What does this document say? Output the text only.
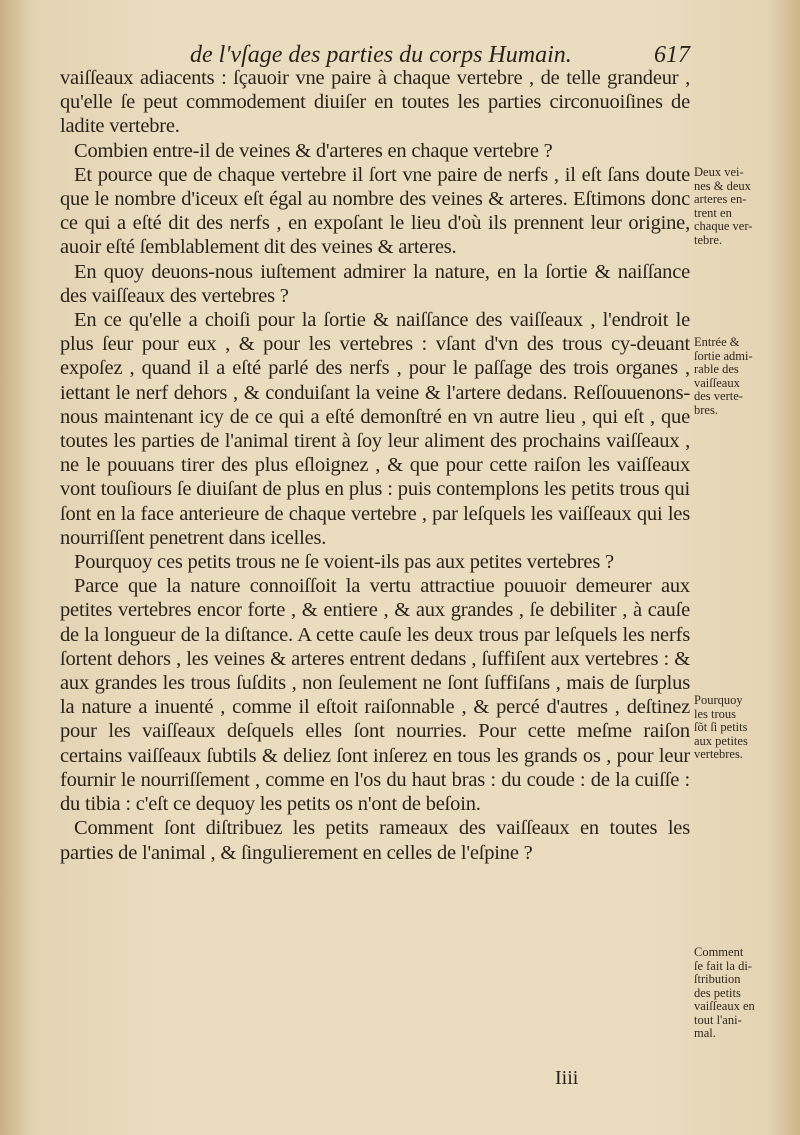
de l'vſage des parties du corps Humain.	617

vaiſſeaux adiacents : ſçauoir vne paire à chaque vertebre , de telle grandeur , qu'elle ſe peut commodement diuiſer en toutes les parties circonuoiſines de ladite vertebre.

Combien entre-il de veines & d'arteres en chaque vertebre ?

Et pource que de chaque vertebre il ſort vne paire de nerfs , il eſt ſans doute que le nombre d'iceux eſt égal au nombre des veines & arteres. Eſtimons donc ce qui a eſté dit des nerfs , en expoſant le lieu d'où ils prennent leur origine, auoir eſté ſemblablement dit des veines & arteres.

En quoy deuons-nous iuſtement admirer la nature, en la ſortie & naiſſance des vaiſſeaux des vertebres ?

En ce qu'elle a choiſi pour la ſortie & naiſſance des vaiſſeaux , l'endroit le plus ſeur pour eux , & pour les vertebres : vſant d'vn des trous cy-deuant expoſez , quand il a eſté parlé des nerfs , pour le paſſage des trois organes , iettant le nerf dehors , & conduiſant la veine & l'artere dedans. Reſſouuenons-nous maintenant icy de ce qui a eſté demonſtré en vn autre lieu , qui eſt , que toutes les parties de l'animal tirent à ſoy leur aliment des prochains vaiſſeaux , ne le pouuans tirer des plus eſloignez , & que pour cette raiſon les vaiſſeaux vont touſiours ſe diuiſant de plus en plus : puis contemplons les petits trous qui ſont en la face anterieure de chaque vertebre , par leſquels les vaiſſeaux qui les nourriſſent penetrent dans icelles.

Pourquoy ces petits trous ne ſe voient-ils pas aux petites vertebres ?

Parce que la nature connoiſſoit la vertu attractiue pouuoir demeurer aux petites vertebres encor forte , & entiere , & aux grandes , ſe debiliter , à cauſe de la longueur de la diſtance. A cette cauſe les deux trous par leſquels les nerfs ſortent dehors , les veines & arteres entrent dedans , ſuffiſent aux vertebres : & aux grandes les trous ſuſdits , non ſeulement ne ſont ſuffiſans , mais de ſurplus la nature a inuenté , comme il eſtoit raiſonnable , & percé d'autres , deſtinez pour les vaiſſeaux deſquels elles ſont nourries. Pour cette meſme raiſon certains vaiſſeaux ſubtils & deliez ſont inſerez en tous les grands os , pour leur fournir le nourriſſement , comme en l'os du haut bras : du coude : de la cuiſſe : du tibia : c'eſt ce dequoy les petits os n'ont de beſoin.

Comment ſont diſtribuez les petits rameaux des vaiſſeaux en toutes les parties de l'animal , & ſingulierement en celles de l'eſpine ?

Deux vei-
nes & deux
arteres en-
trent en
chaque ver-
tebre.
Entrée &
ſortie admi-
rable des
vaiſſeaux
des verte-
bres.
Pourquoy
les trous
ſõt ſi petits
aux petites
vertebres.
Comment
ſe fait la di-
ſtribution
des petits
vaiſſeaux en
tout l'ani-
mal.
Iiii
